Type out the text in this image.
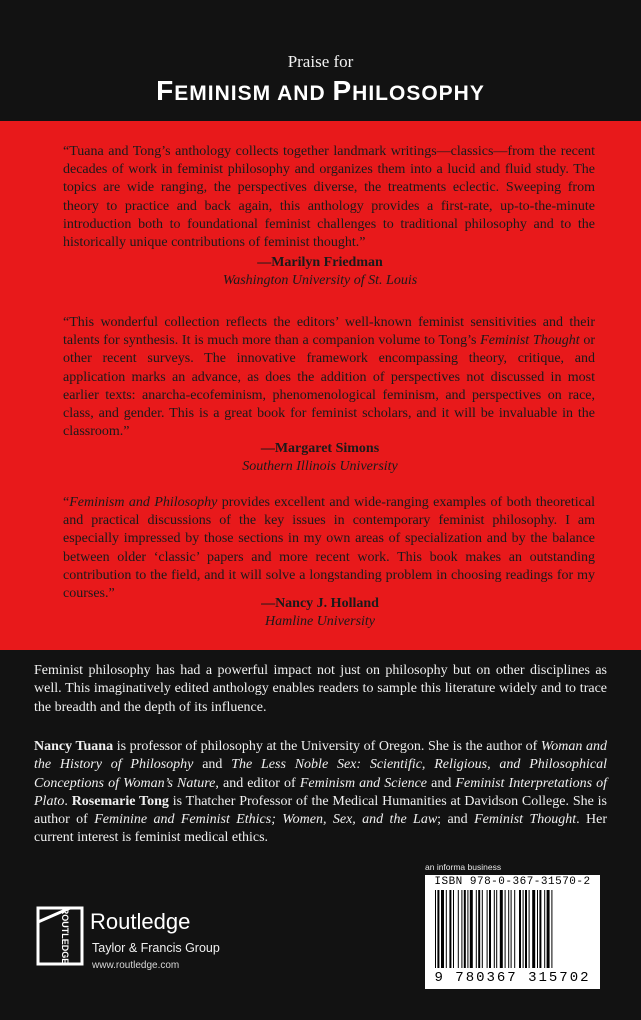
Praise for
FEMINISM AND PHILOSOPHY

“Tuana and Tong’s anthology collects together landmark writings—classics—from the recent decades of work in feminist philosophy and organizes them into a lucid and fluid study. The topics are wide ranging, the perspectives diverse, the treatments eclectic. Sweeping from theory to practice and back again, this anthology provides a first-rate, up-to-the-minute introduction both to foundational feminist challenges to traditional philosophy and to the historically unique contributions of feminist thought.”

—Marilyn Friedman
Washington University of St. Louis

“This wonderful collection reflects the editors’ well-known feminist sensitivities and their talents for synthesis. It is much more than a companion volume to Tong’s Feminist Thought or other recent surveys. The innovative framework encompassing theory, critique, and application marks an advance, as does the addition of perspectives not discussed in most earlier texts: anarcha-ecofeminism, phenomenological feminism, and perspectives on race, class, and gender. This is a great book for feminist scholars, and it will be invaluable in the classroom.”

—Margaret Simons
Southern Illinois University

“Feminism and Philosophy provides excellent and wide-ranging examples of both theoretical and practical discussions of the key issues in contemporary feminist philosophy. I am especially impressed by those sections in my own areas of specialization and by the balance between older ‘classic’ papers and more recent work. This book makes an outstanding contribution to the field, and it will solve a longstanding problem in choosing readings for my courses.”

—Nancy J. Holland
Hamline University
Feminist philosophy has had a powerful impact not just on philosophy but on other disciplines as well. This imaginatively edited anthology enables readers to sample this literature widely and to trace the breadth and the depth of its influence.
Nancy Tuana is professor of philosophy at the University of Oregon. She is the author of Woman and the History of Philosophy and The Less Noble Sex: Scientific, Religious, and Philosophical Conceptions of Woman’s Nature, and editor of Feminism and Science and Feminist Interpretations of Plato. Rosemarie Tong is Thatcher Professor of the Medical Humanities at Davidson College. She is author of Feminine and Feminist Ethics; Women, Sex, and the Law; and Feminist Thought. Her current interest is feminist medical ethics.
an informa business
ISBN 978-0-367-31570-2
9 780367 315702
ROUTLEDGE Routledge
Taylor & Francis Group
www.routledge.com
